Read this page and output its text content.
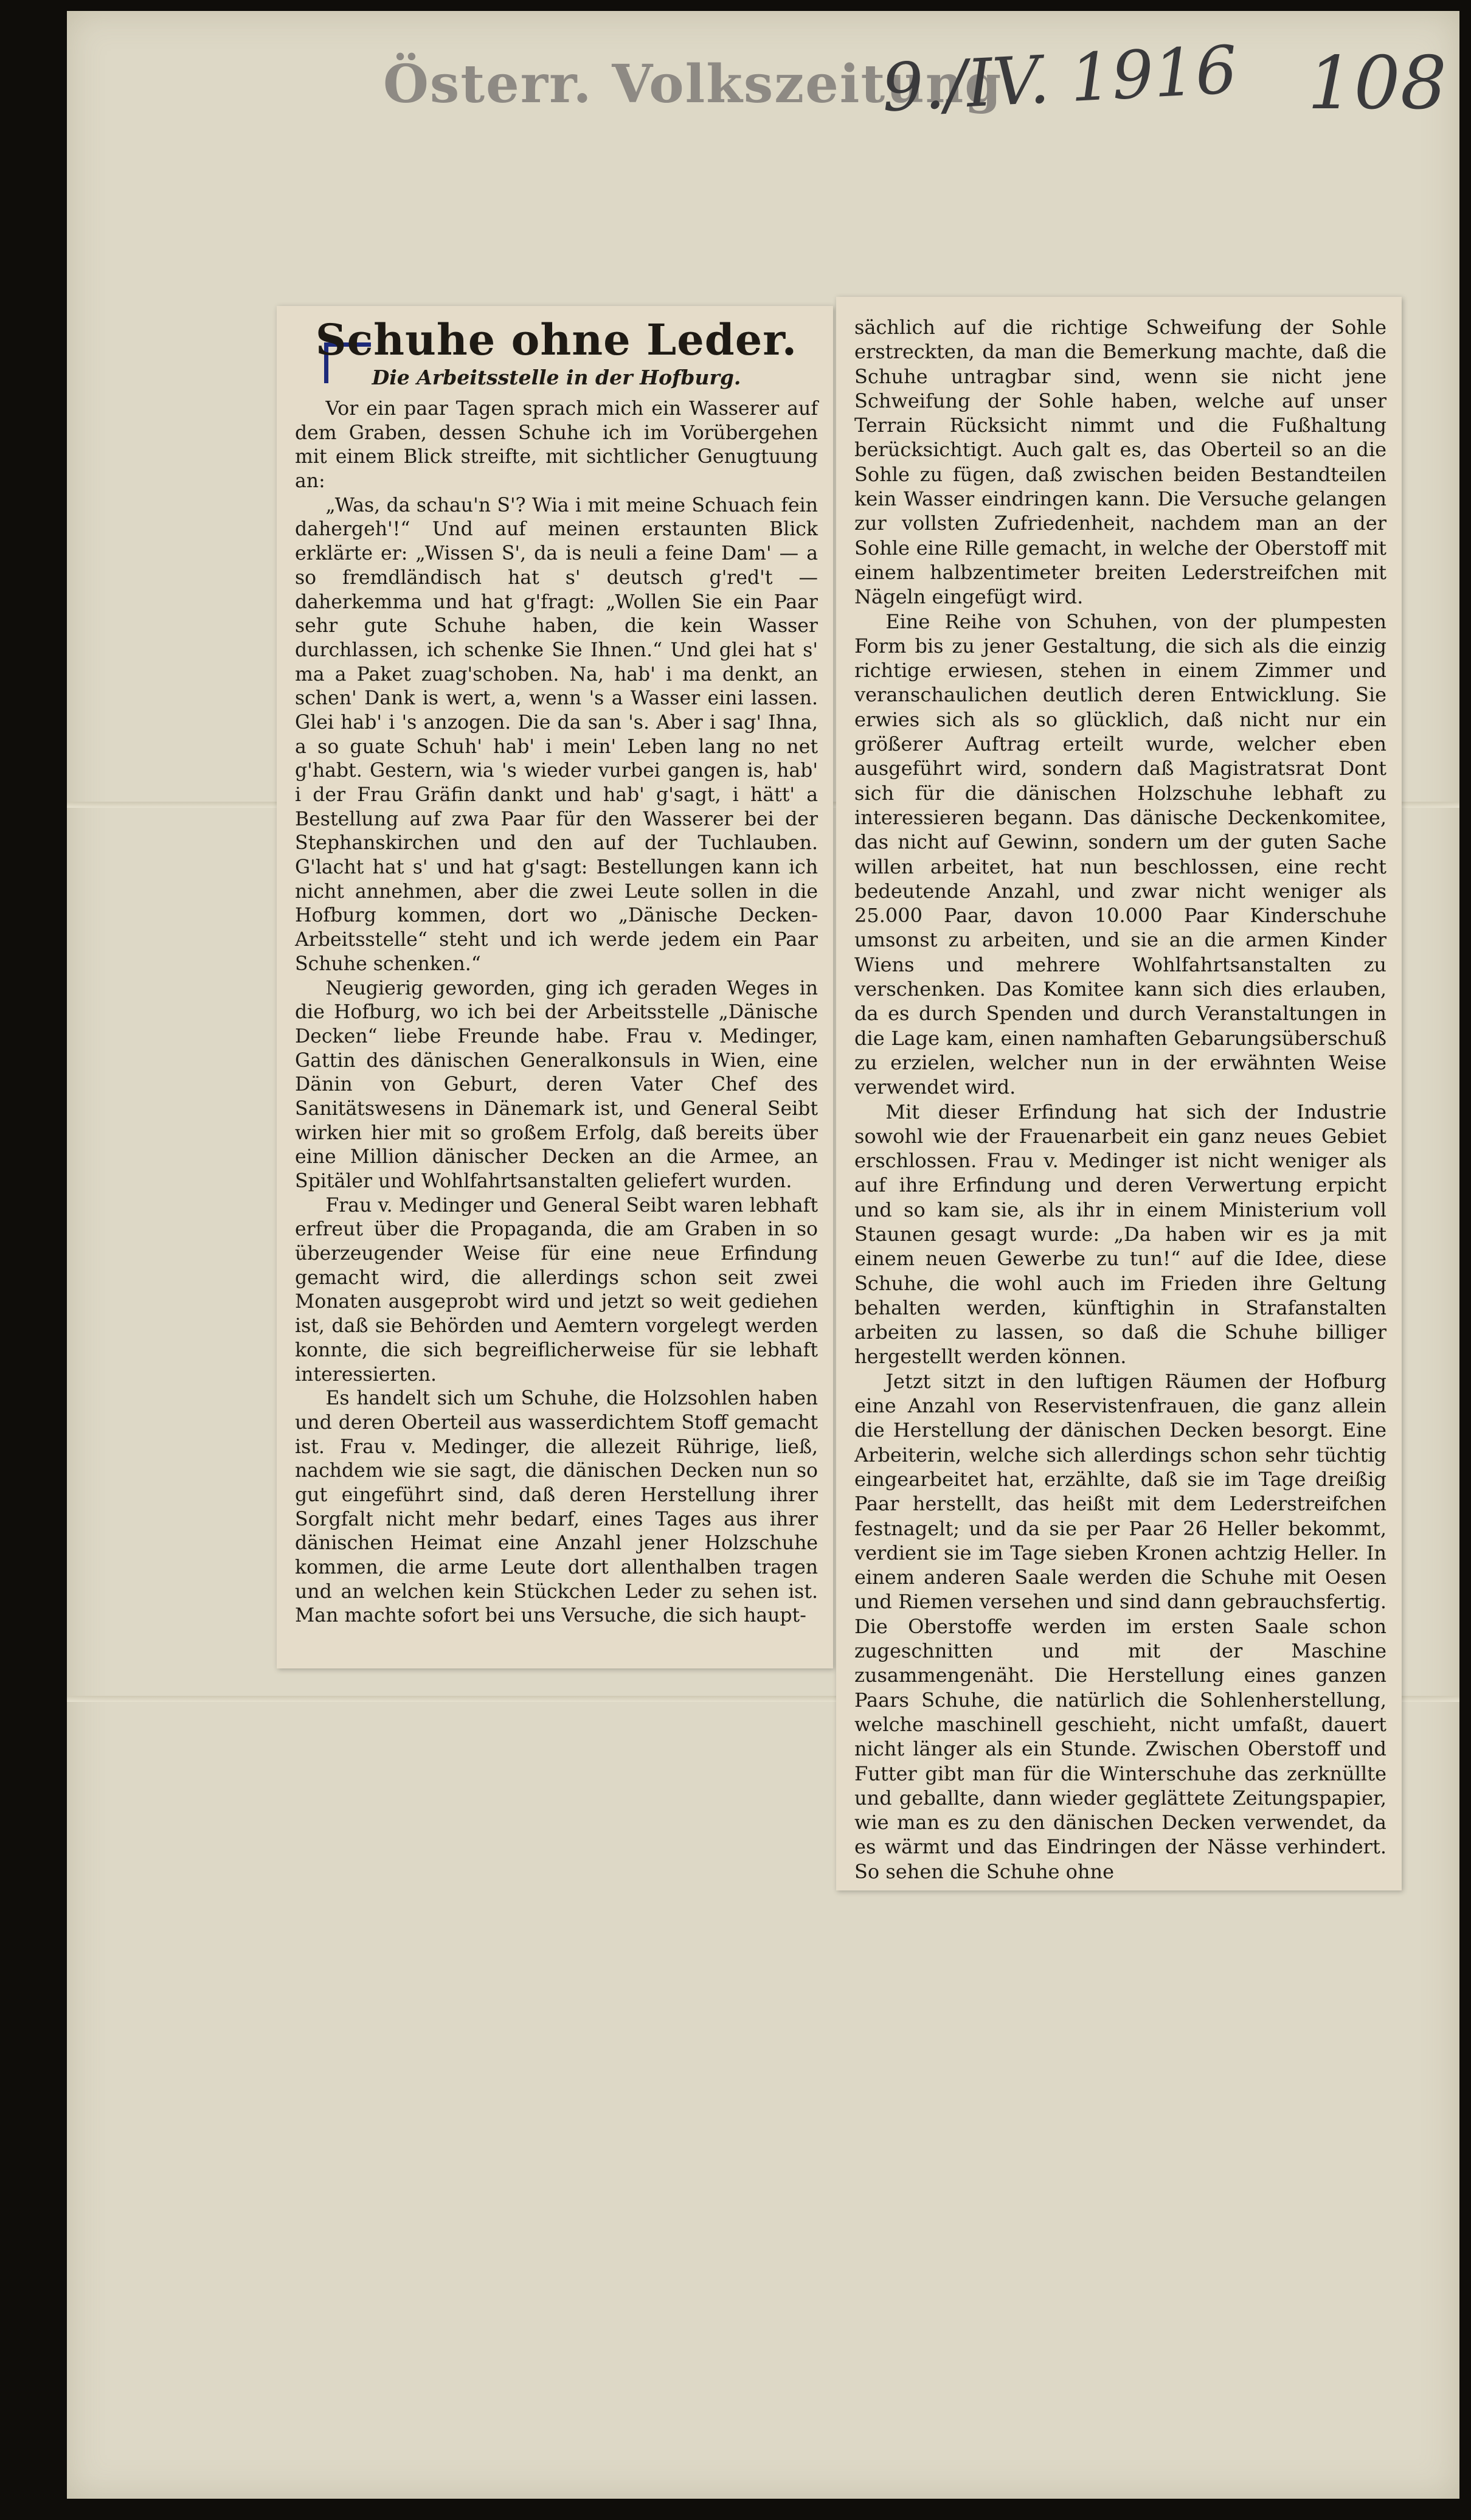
Österr. Volkszeitung
9./IV. 1916 108
Schuhe ohne Leder.
Die Arbeitsstelle in der Hofburg.

Vor ein paar Tagen sprach mich ein Wasserer auf dem Graben, dessen Schuhe ich im Vorübergehen mit einem Blick streifte, mit sichtlicher Genugtuung an:

„Was, da schau'n S'? Wia i mit meine Schuach fein dahergeh'!“ Und auf meinen erstaunten Blick erklärte er: „Wissen S', da is neuli a feine Dam' — a so fremdländisch hat s' deutsch g'red't — daherkemma und hat g'fragt: „Wollen Sie ein Paar sehr gute Schuhe haben, die kein Wasser durchlassen, ich schenke Sie Ihnen.“ Und glei hat s' ma a Paket zuag'schoben. Na, hab' i ma denkt, an schen' Dank is wert, a, wenn 's a Wasser eini lassen. Glei hab' i 's anzogen. Die da san 's. Aber i sag' Ihna, a so guate Schuh' hab' i mein' Leben lang no net g'habt. Gestern, wia 's wieder vurbei gangen is, hab' i der Frau Gräfin dankt und hab' g'sagt, i hätt' a Bestellung auf zwa Paar für den Wasserer bei der Stephanskirchen und den auf der Tuchlauben. G'lacht hat s' und hat g'sagt: Bestellungen kann ich nicht annehmen, aber die zwei Leute sollen in die Hofburg kommen, dort wo „Dänische Decken-Arbeitsstelle“ steht und ich werde jedem ein Paar Schuhe schenken.“

Neugierig geworden, ging ich geraden Weges in die Hofburg, wo ich bei der Arbeitsstelle „Dänische Decken“ liebe Freunde habe. Frau v. Medinger, Gattin des dänischen Generalkonsuls in Wien, eine Dänin von Geburt, deren Vater Chef des Sanitätswesens in Dänemark ist, und General Seibt wirken hier mit so großem Erfolg, daß bereits über eine Million dänischer Decken an die Armee, an Spitäler und Wohlfahrtsanstalten geliefert wurden.

Frau v. Medinger und General Seibt waren lebhaft erfreut über die Propaganda, die am Graben in so überzeugender Weise für eine neue Erfindung gemacht wird, die allerdings schon seit zwei Monaten ausgeprobt wird und jetzt so weit gediehen ist, daß sie Behörden und Aemtern vorgelegt werden konnte, die sich begreiflicherweise für sie lebhaft interessierten.

Es handelt sich um Schuhe, die Holzsohlen haben und deren Oberteil aus wasserdichtem Stoff gemacht ist. Frau v. Medinger, die allezeit Rührige, ließ, nachdem wie sie sagt, die dänischen Decken nun so gut eingeführt sind, daß deren Herstellung ihrer Sorgfalt nicht mehr bedarf, eines Tages aus ihrer dänischen Heimat eine Anzahl jener Holzschuhe kommen, die arme Leute dort allenthalben tragen und an welchen kein Stückchen Leder zu sehen ist. Man machte sofort bei uns Versuche, die sich haupt-

sächlich auf die richtige Schweifung der Sohle erstreckten, da man die Bemerkung machte, daß die Schuhe untragbar sind, wenn sie nicht jene Schweifung der Sohle haben, welche auf unser Terrain Rücksicht nimmt und die Fußhaltung berücksichtigt. Auch galt es, das Oberteil so an die Sohle zu fügen, daß zwischen beiden Bestandteilen kein Wasser eindringen kann. Die Versuche gelangen zur vollsten Zufriedenheit, nachdem man an der Sohle eine Rille gemacht, in welche der Oberstoff mit einem halbzentimeter breiten Lederstreifchen mit Nägeln eingefügt wird.

Eine Reihe von Schuhen, von der plumpesten Form bis zu jener Gestaltung, die sich als die einzig richtige erwiesen, stehen in einem Zimmer und veranschaulichen deutlich deren Entwicklung. Sie erwies sich als so glücklich, daß nicht nur ein größerer Auftrag erteilt wurde, welcher eben ausgeführt wird, sondern daß Magistratsrat Dont sich für die dänischen Holzschuhe lebhaft zu interessieren begann. Das dänische Deckenkomitee, das nicht auf Gewinn, sondern um der guten Sache willen arbeitet, hat nun beschlossen, eine recht bedeutende Anzahl, und zwar nicht weniger als 25.000 Paar, davon 10.000 Paar Kinderschuhe umsonst zu arbeiten, und sie an die armen Kinder Wiens und mehrere Wohlfahrtsanstalten zu verschenken. Das Komitee kann sich dies erlauben, da es durch Spenden und durch Veranstaltungen in die Lage kam, einen namhaften Gebarungsüberschuß zu erzielen, welcher nun in der erwähnten Weise verwendet wird.

Mit dieser Erfindung hat sich der Industrie sowohl wie der Frauenarbeit ein ganz neues Gebiet erschlossen. Frau v. Medinger ist nicht weniger als auf ihre Erfindung und deren Verwertung erpicht und so kam sie, als ihr in einem Ministerium voll Staunen gesagt wurde: „Da haben wir es ja mit einem neuen Gewerbe zu tun!“ auf die Idee, diese Schuhe, die wohl auch im Frieden ihre Geltung behalten werden, künftighin in Strafanstalten arbeiten zu lassen, so daß die Schuhe billiger hergestellt werden können.

Jetzt sitzt in den luftigen Räumen der Hofburg eine Anzahl von Reservistenfrauen, die ganz allein die Herstellung der dänischen Decken besorgt. Eine Arbeiterin, welche sich allerdings schon sehr tüchtig eingearbeitet hat, erzählte, daß sie im Tage dreißig Paar herstellt, das heißt mit dem Lederstreifchen festnagelt; und da sie per Paar 26 Heller bekommt, verdient sie im Tage sieben Kronen achtzig Heller. In einem anderen Saale werden die Schuhe mit Oesen und Riemen versehen und sind dann gebrauchsfertig. Die Oberstoffe werden im ersten Saale schon zugeschnitten und mit der Maschine zusammengenäht. Die Herstellung eines ganzen Paars Schuhe, die natürlich die Sohlenherstellung, welche maschinell geschieht, nicht umfaßt, dauert nicht länger als ein Stunde. Zwischen Oberstoff und Futter gibt man für die Winterschuhe das zerknüllte und geballte, dann wieder geglättete Zeitungspapier, wie man es zu den dänischen Decken verwendet, da es wärmt und das Eindringen der Nässe verhindert. So sehen die Schuhe ohne
